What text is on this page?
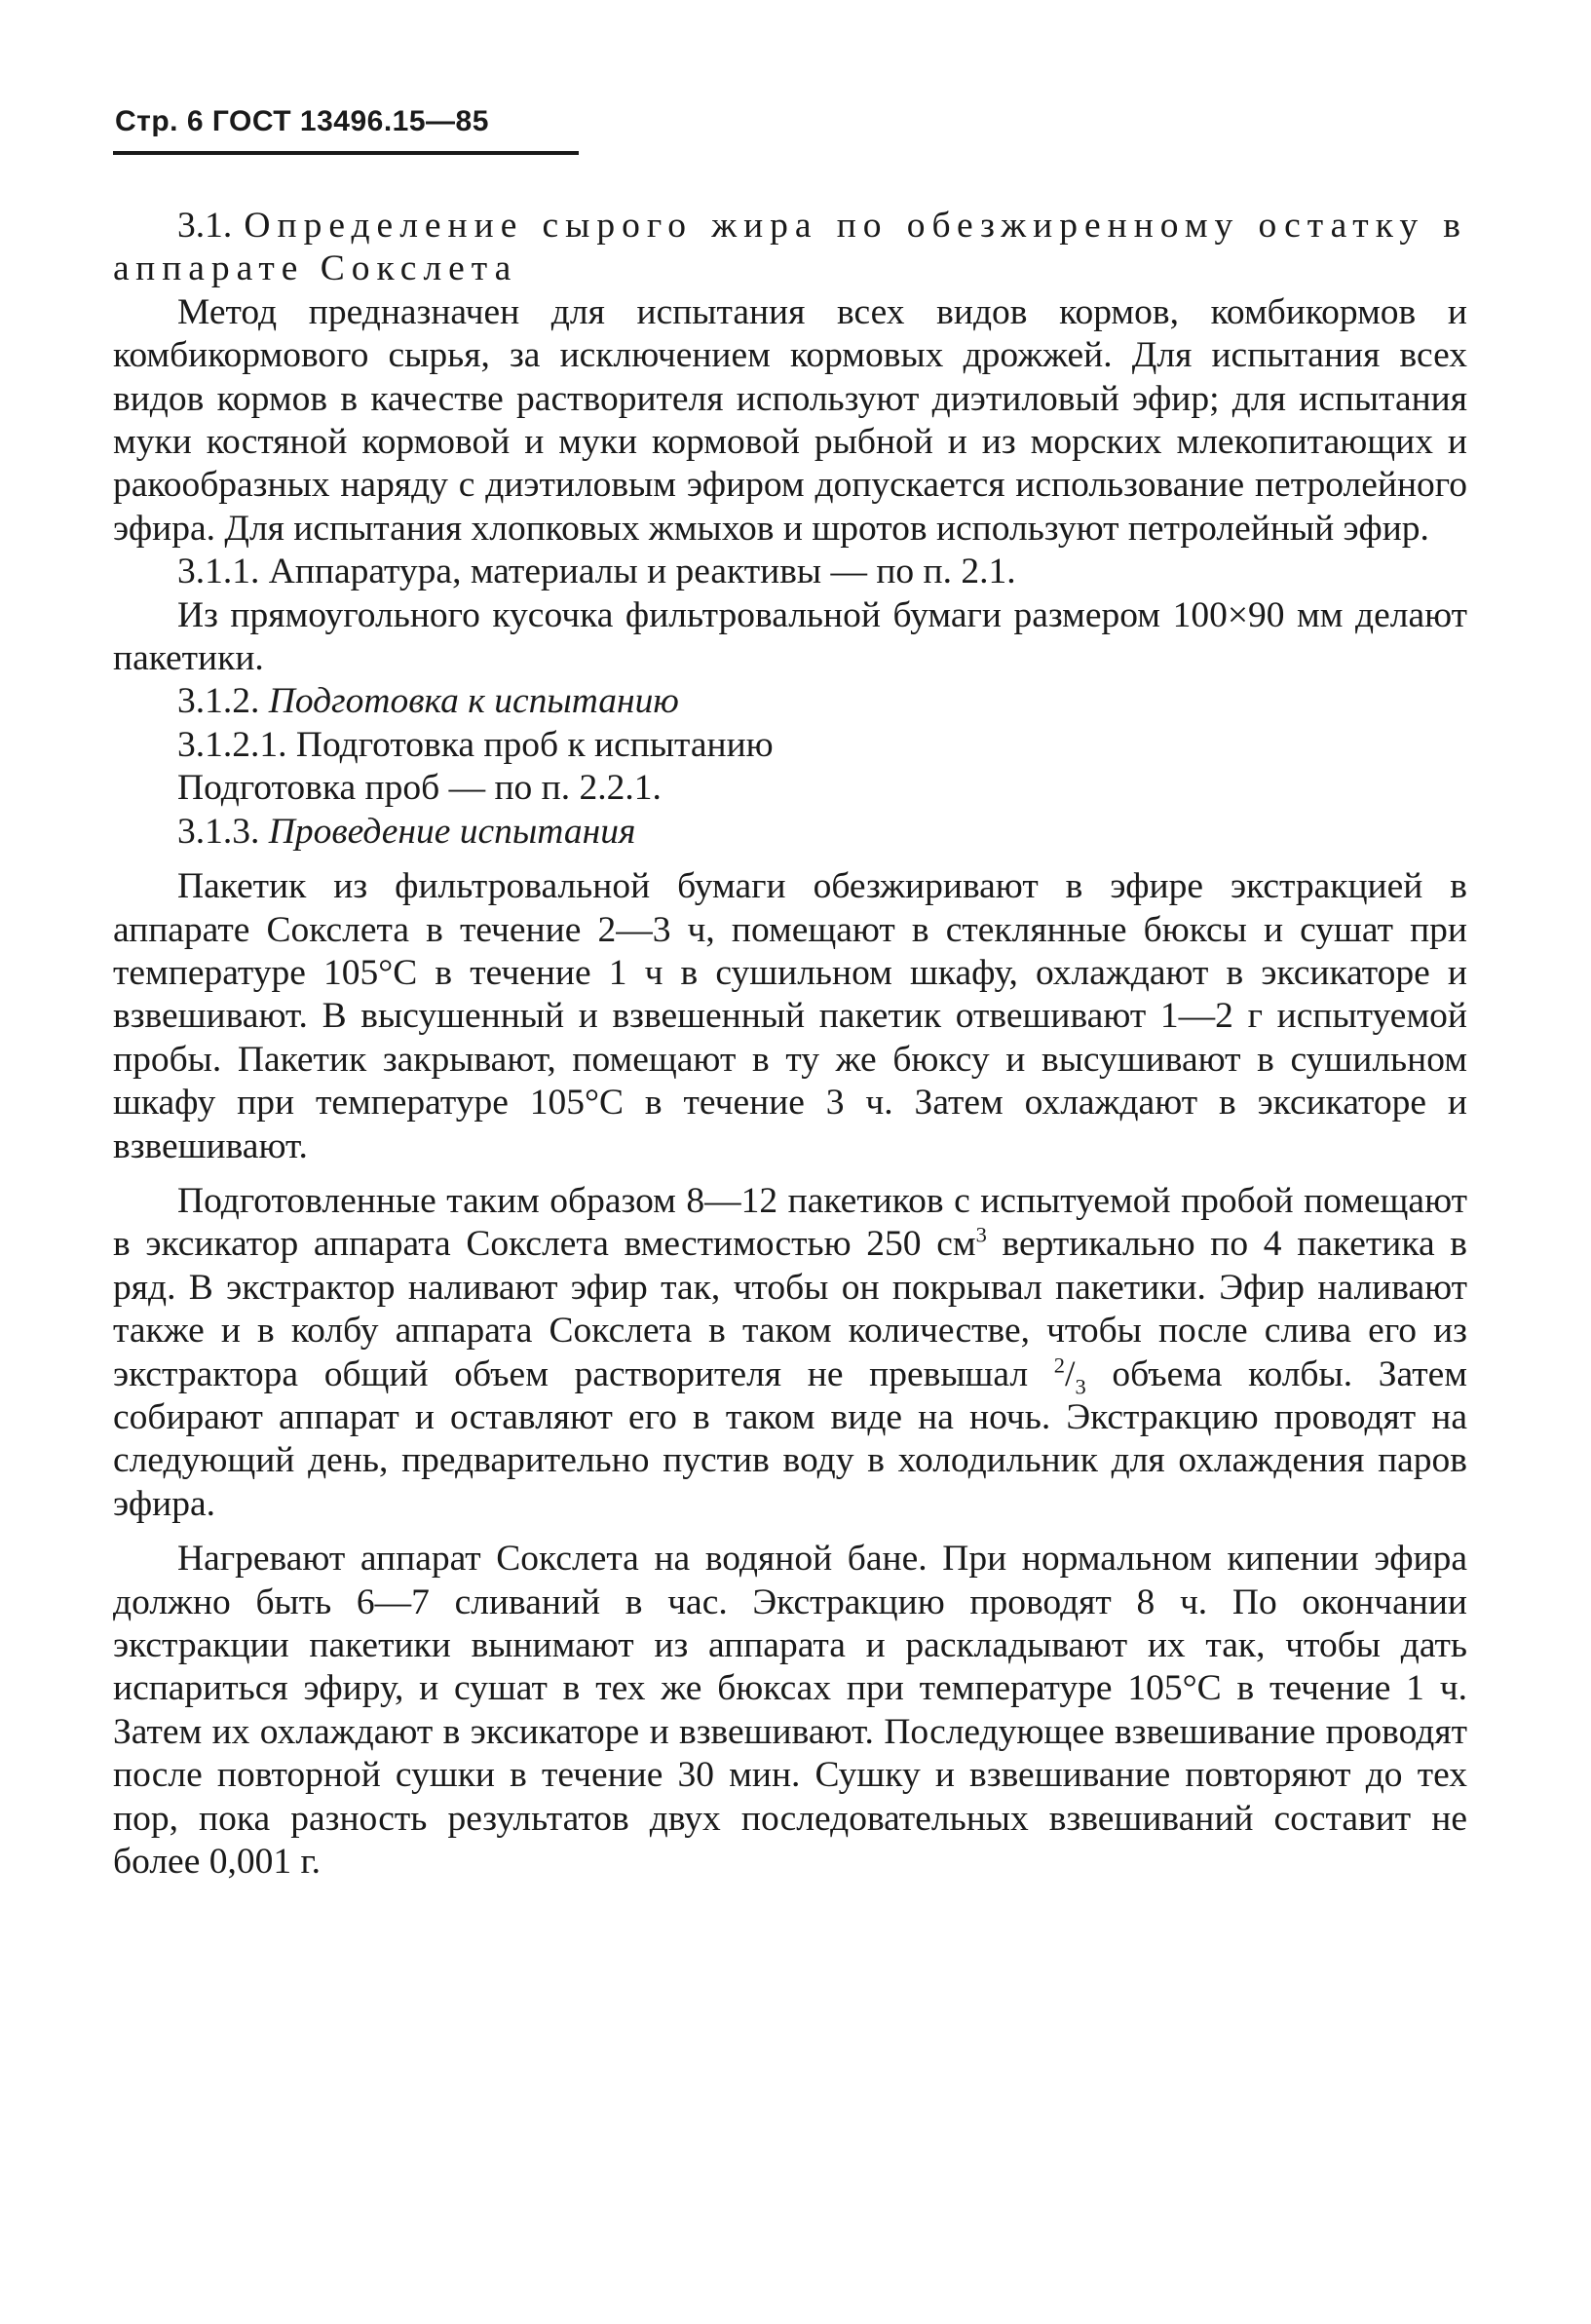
Стр. 6 ГОСТ 13496.15—85

3.1. Определение сырого жира по обезжиренному остатку в аппарате Сокслета

Метод предназначен для испытания всех видов кормов, комбикормов и комбикормового сырья, за исключением кормовых дрожжей. Для испытания всех видов кормов в качестве растворителя используют диэтиловый эфир; для испытания муки костяной кормовой и муки кормовой рыбной и из морских млекопитающих и ракообразных наряду с диэтиловым эфиром допускается использование петролейного эфира. Для испытания хлопковых жмыхов и шротов используют петролейный эфир.

3.1.1. Аппаратура, материалы и реактивы — по п. 2.1.

Из прямоугольного кусочка фильтровальной бумаги размером 100×90 мм делают пакетики.

3.1.2. Подготовка к испытанию

3.1.2.1. Подготовка проб к испытанию

Подготовка проб — по п. 2.2.1.

3.1.3. Проведение испытания

Пакетик из фильтровальной бумаги обезжиривают в эфире экстракцией в аппарате Сокслета в течение 2—3 ч, помещают в стеклянные бюксы и сушат при температуре 105°C в течение 1 ч в сушильном шкафу, охлаждают в эксикаторе и взвешивают. В высушенный и взвешенный пакетик отвешивают 1—2 г испытуемой пробы. Пакетик закрывают, помещают в ту же бюксу и высушивают в сушильном шкафу при температуре 105°C в течение 3 ч. Затем охлаждают в эксикаторе и взвешивают.

Подготовленные таким образом 8—12 пакетиков с испытуемой пробой помещают в эксикатор аппарата Сокслета вместимостью 250 $см^3$ вертикально по 4 пакетика в ряд. В экстрактор наливают эфир так, чтобы он покрывал пакетики. Эфир наливают также и в колбу аппарата Сокслета в таком количестве, чтобы после слива его из экстрактора общий объем растворителя не превышал $^2/_3$ объема колбы. Затем собирают аппарат и оставляют его в таком виде на ночь. Экстракцию проводят на следующий день, предварительно пустив воду в холодильник для охлаждения паров эфира.

Нагревают аппарат Сокслета на водяной бане. При нормальном кипении эфира должно быть 6—7 сливаний в час. Экстракцию проводят 8 ч. По окончании экстракции пакетики вынимают из аппарата и раскладывают их так, чтобы дать испариться эфиру, и сушат в тех же бюксах при температуре 105°C в течение 1 ч. Затем их охлаждают в эксикаторе и взвешивают. Последующее взвешивание проводят после повторной сушки в течение 30 мин. Сушку и взвешивание повторяют до тех пор, пока разность результатов двух последовательных взвешиваний составит не более 0,001 г.
